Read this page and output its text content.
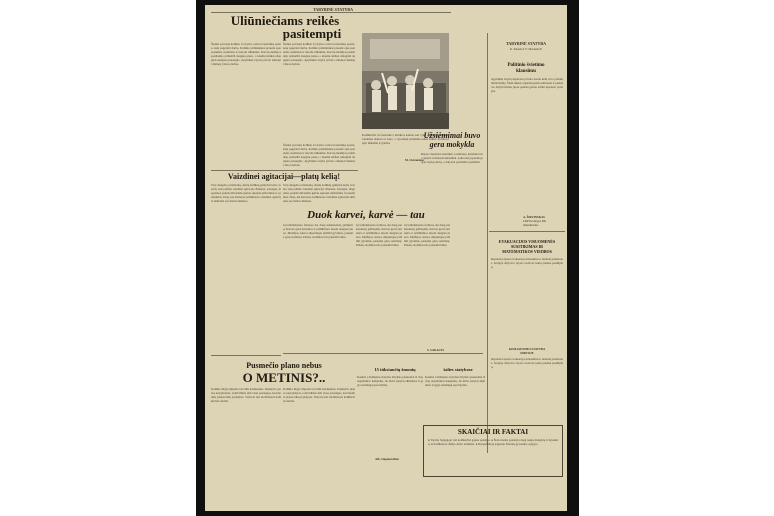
TARYBINĖ STATYBA
Uliūniečiams reikės
pasitempti
Šiemet pavasarį kolūkio ir tarybos vadovai susirinkę aptarė, kaip pagerinti darbą. Kolūkio pirmininkas pranešė apie pasiektus rezultatus ir nurodė trūkumus. Karvių melžėjos pasižadėjo primelžti daugiau pieno, o kiaulių šėrikai užauginti daugiau prieauglio. Apylinkės taryba privalo atkreipti dėmesį į šiuos darbus.
Šiemet pavasarį kolūkio ir tarybos vadovai susirinkę aptarė, kaip pagerinti darbą. Kolūkio pirmininkas pranešė apie pasiektus rezultatus ir nurodė trūkumus. Karvių melžėjos pasižadėjo primelžti daugiau pieno, o kiaulių šėrikai užauginti daugiau prieauglio. Apylinkės taryba privalo atkreipti dėmesį į šiuos darbus.
Kolūkiečiai vėl susirinko į kultūros namus, kur vyko iškilminga šventė. Jaunimas dainavo ir šoko, o vyresnieji prisiminė senus laikus. Šventė praėjo linksmai ir gražiai.
M. Ostrauskas
Šiemet pavasarį kolūkio ir tarybos vadovai susirinkę aptarė, kaip pagerinti darbą. Kolūkio pirmininkas pranešė apie pasiektus rezultatus ir nurodė trūkumus. Karvių melžėjos pasižadėjo primelžti daugiau pieno, o kiaulių šėrikai užauginti daugiau prieauglio. Apylinkės taryba privalo atkreipti dėmesį į šiuos darbus.
Vaizdinei agitacijai—platų kelią!
Tarp daugelio priemonių, skirtų kolūkių gamybai kelti, svarbią vietą užima vaizdinė agitacija. Plakatai, lozungai, diagramos padeda žmonėms geriau suprasti uždavinius ir pasiekimus. Deja, kai kuriuose kolūkiuose vaizdinei agitacijai skiriama per mažai dėmesio.
Tarp daugelio priemonių, skirtų kolūkių gamybai kelti, svarbią vietą užima vaizdinė agitacija. Plakatai, lozungai, diagramos padeda žmonėms geriau suprasti uždavinius ir pasiekimus. Deja, kai kuriuose kolūkiuose vaizdinei agitacijai skiriama per mažai dėmesio.
Duok karvei, karvė — tau
Gyvulininkystės fermose dar daug neišnaudotų galimybių. Karvės gerai šeriamos ir prižiūrimos duoda daugiau pieno. Melžėjos, kurios rūpestingai prižiūri gyvulius, pasiekia gerų rezultatų. Pašarų ruošimas turi prasidėti laiku.
Gyvulininkystės fermose dar daug neišnaudotų galimybių. Karvės gerai šeriamos ir prižiūrimos duoda daugiau pieno. Melžėjos, kurios rūpestingai prižiūri gyvulius, pasiekia gerų rezultatų. Pašarų ruošimas turi prasidėti laiku.
Gyvulininkystės fermose dar daug neišnaudotų galimybių. Karvės gerai šeriamos ir prižiūrimos duoda daugiau pieno. Melžėjos, kurios rūpestingai prižiūri gyvulius, pasiekia gerų rezultatų. Pašarų ruošimas turi prasidėti laiku.
S. SAKALYS
Užsiėmimai buvo
gera mokykla
Rajono deputatai susirinko į seminarą, kuriame buvo aptarti svarbiausi klausimai. Lektoriai papasakojo apie tarybų darbą, o dalyviai pasidalino patirtimi.
TARYBINĖ STATYBA
K. Kasnis ir V. Maciulevič
Politinio švietimo
klausimu
Apylinkių tarybų deputatai privalo nuolat kelti savo politinį išsilavinimą. Šiam tikslui organizuojami seminarai ir paskaitos. Dalyvavimas juose padeda geriau atlikti deputato pareigas.
A. ŠIRVINSKAS
LKP Kretingos RK
instruktorius
EVAKUACIJOS VISUOMENĖS
SUSITIKIMAS IR
MATEMATIKOS VIEDBOS
Deputatai aptarė evakuacijos klausimus ir numatė priemones. Sesijoje dalyvavo rajono vadovai, kurie pateikė pasiūlymų.
KOMJAUNIMO STATYBA
DIRVOJE
Deputatai aptarė evakuacijos klausimus ir numatė priemones. Sesijoje dalyvavo rajono vadovai, kurie pateikė pasiūlymų.
Pusmečio plano nebus
O METINIS?..
Kolūkio ūkyje rūpestis turi būti kasdieninis. Pusmečio planas neįvykdytas, todėl būtina dėti visas pastangas, kad metinis planas būtų įvykdytas. Vadovai turi mobilizuoti kolūkiečius darbui.
Kolūkio ūkyje rūpestis turi būti kasdieninis. Pusmečio planas neįvykdytas, todėl būtina dėti visas pastangas, kad metinis planas būtų įvykdytas. Vadovai turi mobilizuoti kolūkiečius darbui.
15 tūkstančių žmonių	šalies statybose
Kasmet į didžiąsias statybas išvyksta jaunuoliai iš visų respublikos kampelių. Jie dirba statybų aikštelėse ir įgyja naudingų specialybių.
Kasmet į didžiąsias statybas išvyksta jaunuoliai iš visų respublikos kampelių. Jie dirba statybų aikštelėse ir įgyja naudingų specialybių.
Alb. Stepanavičius
SKAIČIAI IR FAKTAI
● Tarybų Sąjungoje visi kolūkiečiai gauna pensijas. ● Šiais metais pastatyta daug naujų mokyklų ir ligoninių. ● Kolūkiuose didėja darbo našumas. ● Respublikoje pagerėjo žmonių gyvenimo sąlygos.
